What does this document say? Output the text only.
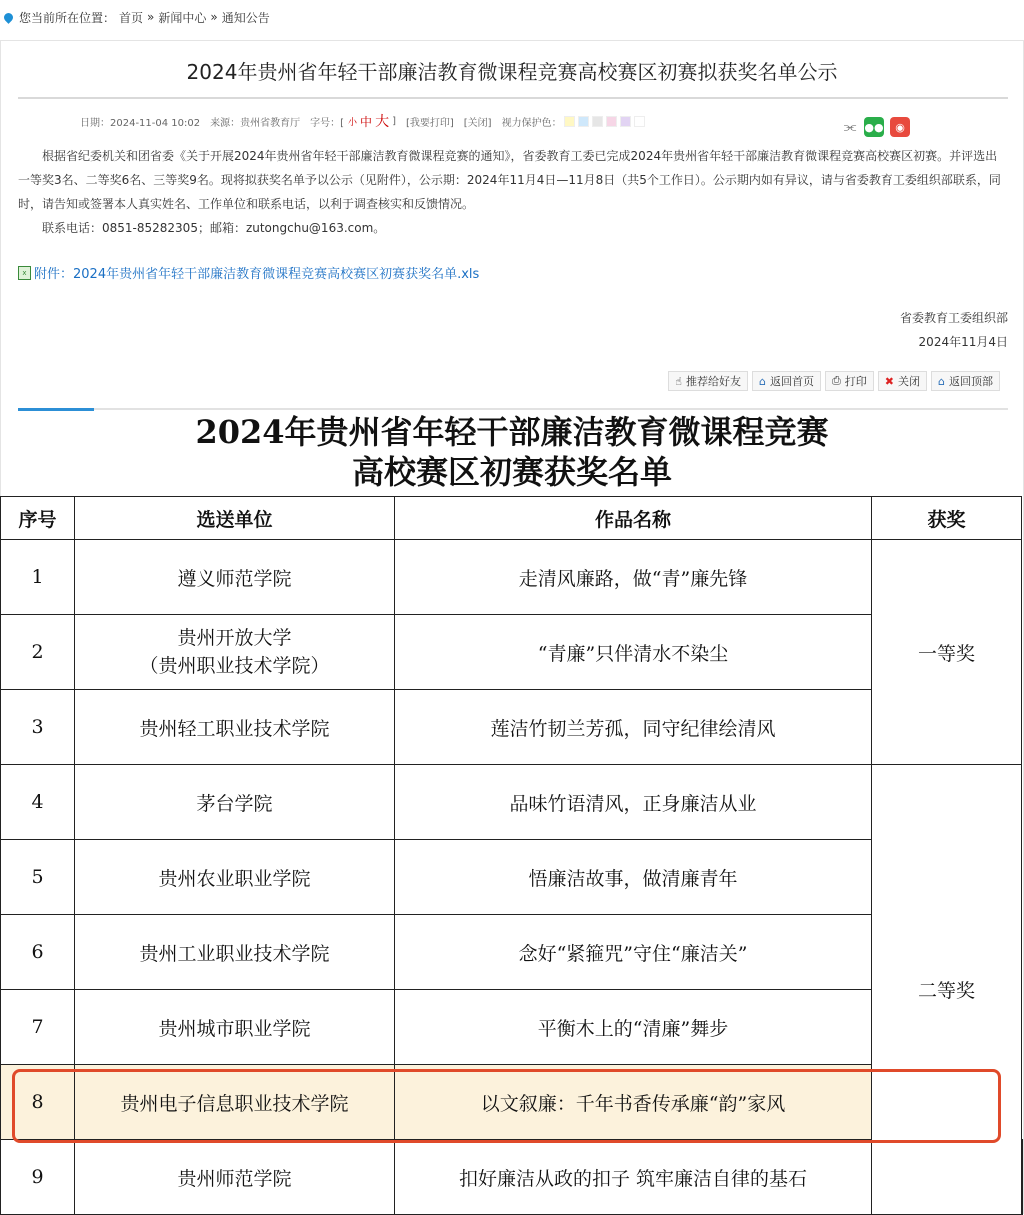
您当前所在位置： 首页 » 新闻中心 » 通知公告
2024年贵州省年轻干部廉洁教育微课程竞赛高校赛区初赛拟获奖名单公示
日期：2024-11-04 10:02 来源：贵州省教育厅 字号：[ 小 中 大 ] [我要打印] [关闭] 视力保护色：	⫘ ●●	◉
根据省纪委机关和团省委《关于开展2024年贵州省年轻干部廉洁教育微课程竞赛的通知》，省委教育工委已完成2024年贵州省年轻干部廉洁教育微课程竞赛高校赛区初赛。并评选出一等奖3名、二等奖6名、三等奖9名。现将拟获奖名单予以公示（见附件），公示期：2024年11月4日—11月8日（共5个工作日）。公示期内如有异议，请与省委教育工委组织部联系，同时，请告知或签署本人真实姓名、工作单位和联系电话，以利于调查核实和反馈情况。
联系电话：0851-85282305；邮箱：zutongchu@163.com。
x 附件：2024年贵州省年轻干部廉洁教育微课程竞赛高校赛区初赛获奖名单.xls
省委教育工委组织部
2024年11月4日
☝ 推荐给好友 ⌂ 返回首页 ⎙ 打印 ✖ 关闭 ⌂ 返回顶部
2024年贵州省年轻干部廉洁教育微课程竞赛
高校赛区初赛获奖名单
序号	选送单位	作品名称	获奖	
1	遵义师范学院	走清风廉路，做“青”廉先锋	一等奖	
2	贵州开放大学
（贵州职业技术学院）	“青廉”只伴清水不染尘		
3	贵州轻工职业技术学院	莲洁竹韧兰芳孤，同守纪律绘清风		
4	茅台学院	品味竹语清风，正身廉洁从业	二等奖	
5	贵州农业职业学院	悟廉洁故事，做清廉青年		
6	贵州工业职业技术学院	念好“紧箍咒”守住“廉洁关”		
7	贵州城市职业学院	平衡木上的“清廉”舞步		
8	贵州电子信息职业技术学院	以文叙廉：千年书香传承廉“韵”家风		
9	贵州师范学院	扣好廉洁从政的扣子 筑牢廉洁自律的基石		
